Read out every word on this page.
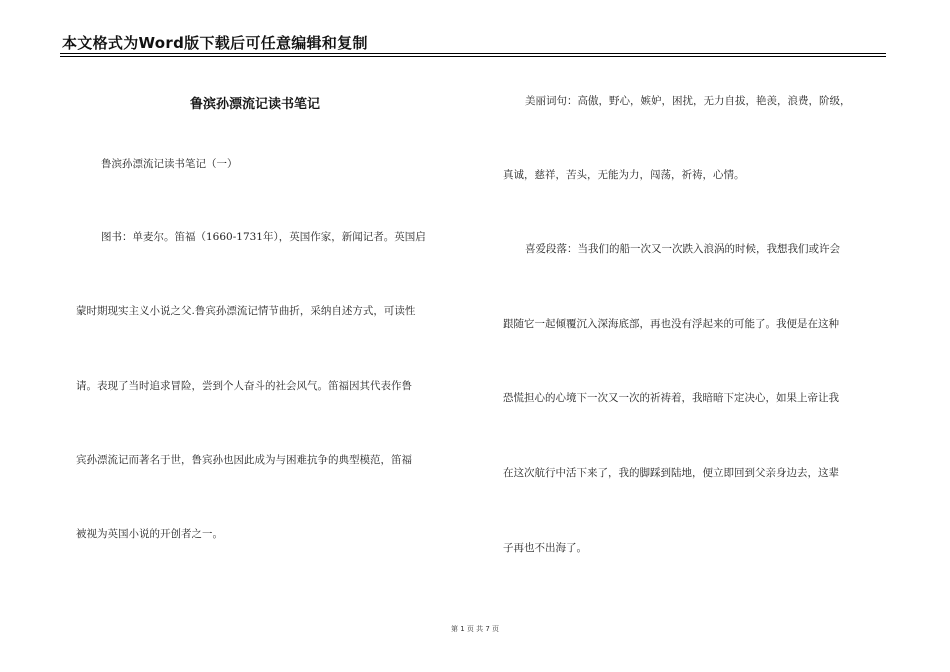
本文格式为Word版下载后可任意编辑和复制
鲁滨孙漂流记读书笔记
鲁滨孙漂流记读书笔记（一）
图书：单麦尔。笛福（1660-1731年），英国作家，新闻记者。英国启
蒙时期现实主义小说之父.鲁宾孙漂流记情节曲折，采纳自述方式，可读性
请。表现了当时追求冒险，尝到个人奋斗的社会风气。笛福因其代表作鲁
宾孙漂流记而著名于世，鲁宾孙也因此成为与困难抗争的典型模范，笛福
被视为英国小说的开创者之一。
美丽词句：高傲，野心，嫉妒，困扰，无力自拔，艳羡，浪费，阶级，
真诚，慈祥，苦头，无能为力，闯荡，祈祷，心情。
喜爱段落：当我们的船一次又一次跌入浪涡的时候，我想我们或许会
跟随它一起倾覆沉入深海底部，再也没有浮起来的可能了。我便是在这种
恐慌担心的心境下一次又一次的祈祷着，我暗暗下定决心，如果上帝让我
在这次航行中活下来了，我的脚踩到陆地，便立即回到父亲身边去，这辈
子再也不出海了。
第 1 页 共 7 页
